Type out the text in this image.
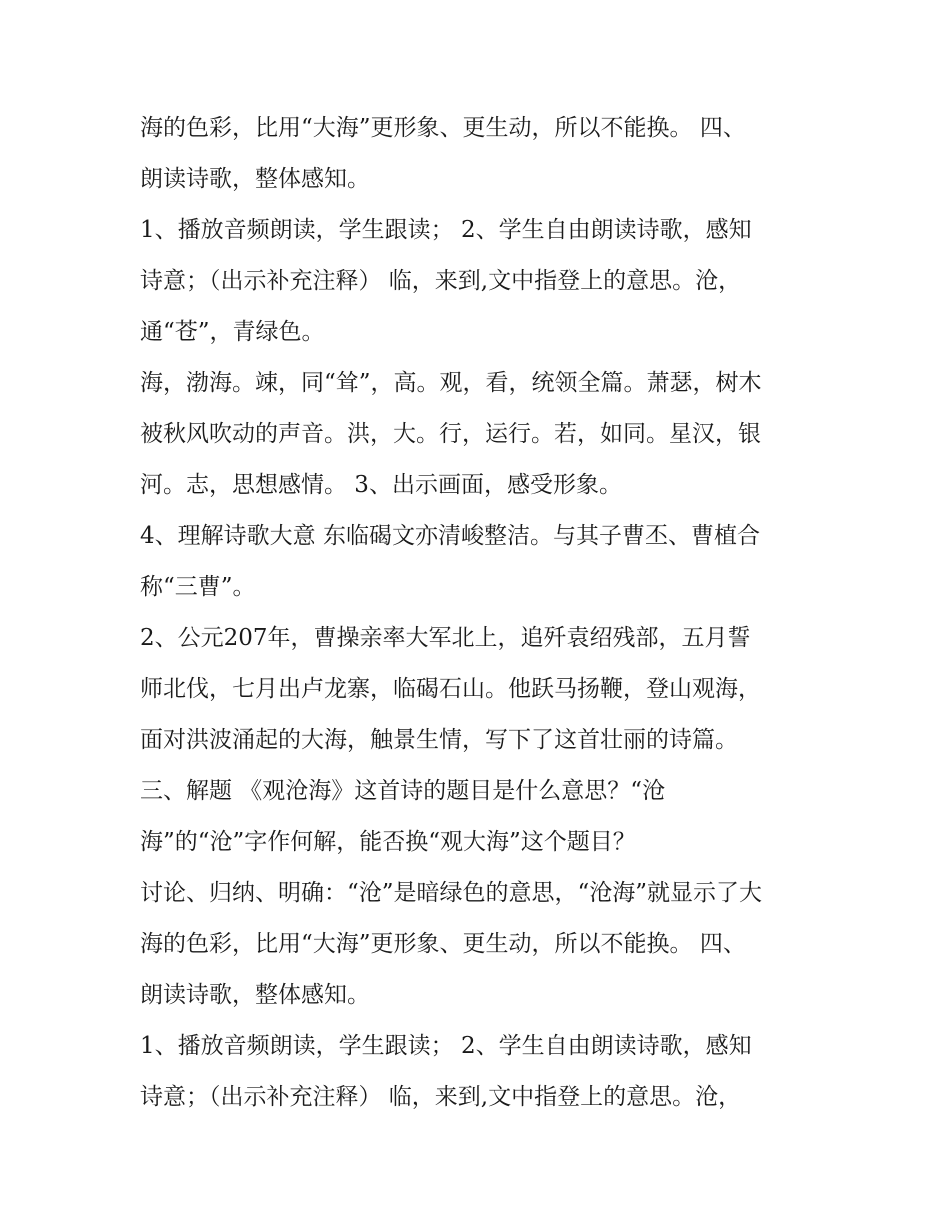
海的色彩，比用“大海”更形象、更生动，所以不能换。 四、
朗读诗歌，整体感知。
1、播放音频朗读，学生跟读； 2、学生自由朗读诗歌，感知
诗意；（出示补充注释） 临，来到,文中指登上的意思。沧，
通“苍”，青绿色。
海，渤海。竦，同“耸”，高。观，看，统领全篇。萧瑟，树木
被秋风吹动的声音。洪，大。行，运行。若，如同。星汉，银
河。志，思想感情。 3、出示画面，感受形象。
4、理解诗歌大意 东临碣文亦清峻整洁。与其子曹丕、曹植合
称“三曹”。
2、公元207年，曹操亲率大军北上，追歼袁绍残部，五月誓
师北伐，七月出卢龙寨，临碣石山。他跃马扬鞭，登山观海，
面对洪波涌起的大海，触景生情，写下了这首壮丽的诗篇。
三、解题 《观沧海》这首诗的题目是什么意思？“沧
海”的“沧”字作何解，能否换“观大海”这个题目？
讨论、归纳、明确：“沧”是暗绿色的意思，“沧海”就显示了大
海的色彩，比用“大海”更形象、更生动，所以不能换。 四、
朗读诗歌，整体感知。
1、播放音频朗读，学生跟读； 2、学生自由朗读诗歌，感知
诗意；（出示补充注释） 临，来到,文中指登上的意思。沧，
